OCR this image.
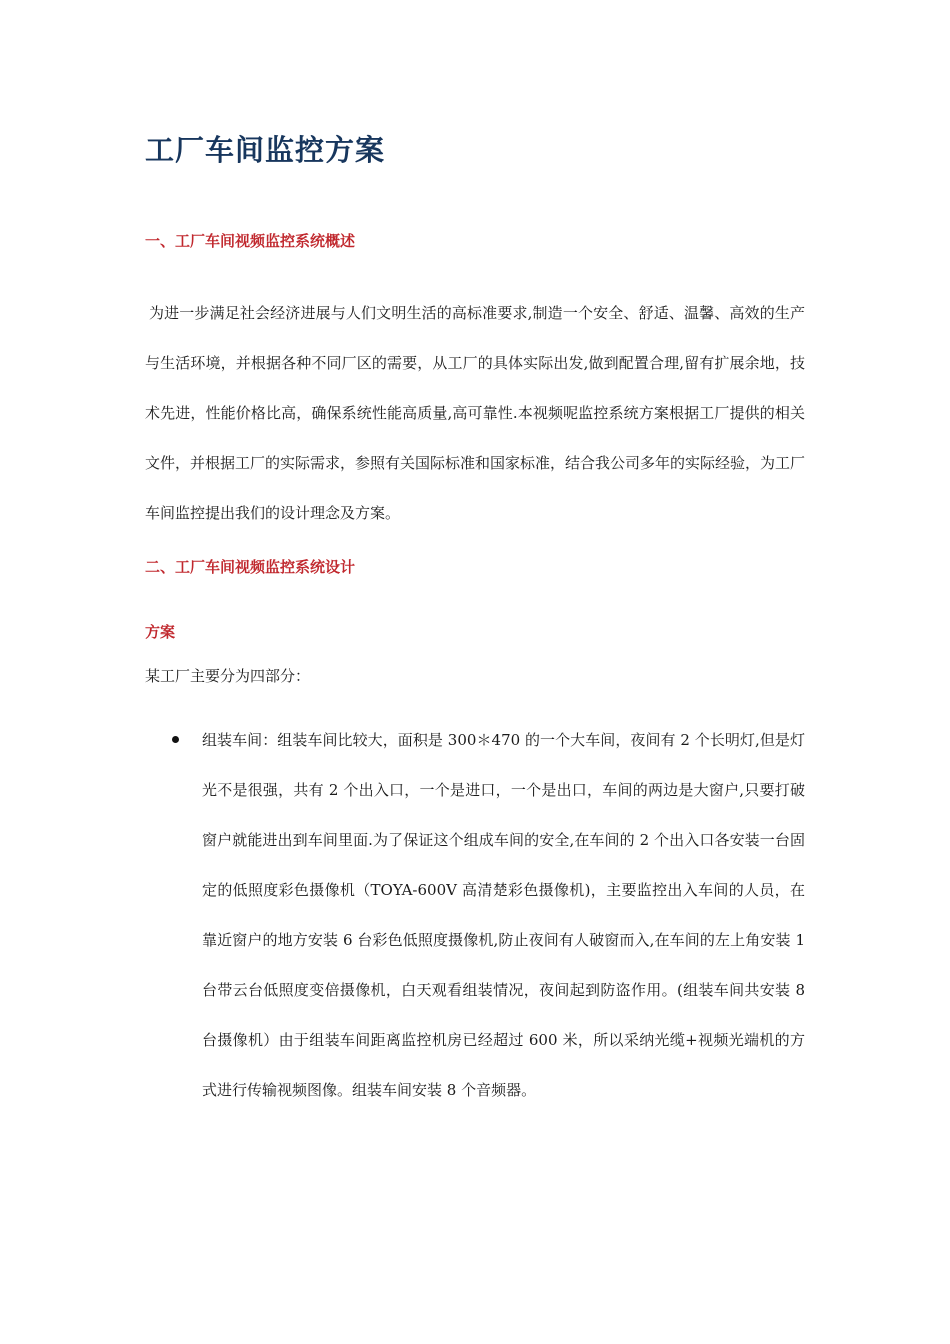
工厂车间监控方案
一、工厂车间视频监控系统概述

为进一步满足社会经济进展与人们文明生活的高标准要求,制造一个安全、舒适、温馨、高效的生产与生活环境，并根据各种不同厂区的需要，从工厂的具体实际出发,做到配置合理,留有扩展余地，技术先进，性能价格比高，确保系统性能高质量,高可靠性.本视频呢监控系统方案根据工厂提供的相关文件，并根据工厂的实际需求，参照有关国际标准和国家标准，结合我公司多年的实际经验，为工厂车间监控提出我们的设计理念及方案。

二、工厂车间视频监控系统设计
方案

某工厂主要分为四部分：

组装车间：组装车间比较大，面积是 300＊470 的一个大车间，夜间有 2 个长明灯,但是灯光不是很强，共有 2 个出入口，一个是进口，一个是出口，车间的两边是大窗户,只要打破窗户就能进出到车间里面.为了保证这个组成车间的安全,在车间的 2 个出入口各安装一台固定的低照度彩色摄像机（TOYA-600V 高清楚彩色摄像机)，主要监控出入车间的人员，在靠近窗户的地方安装 6 台彩色低照度摄像机,防止夜间有人破窗而入,在车间的左上角安装 1 台带云台低照度变倍摄像机，白天观看组装情况，夜间起到防盗作用。(组装车间共安装 8 台摄像机）由于组装车间距离监控机房已经超过 600 米，所以采纳光缆+视频光端机的方式进行传输视频图像。组装车间安装 8 个音频器。
